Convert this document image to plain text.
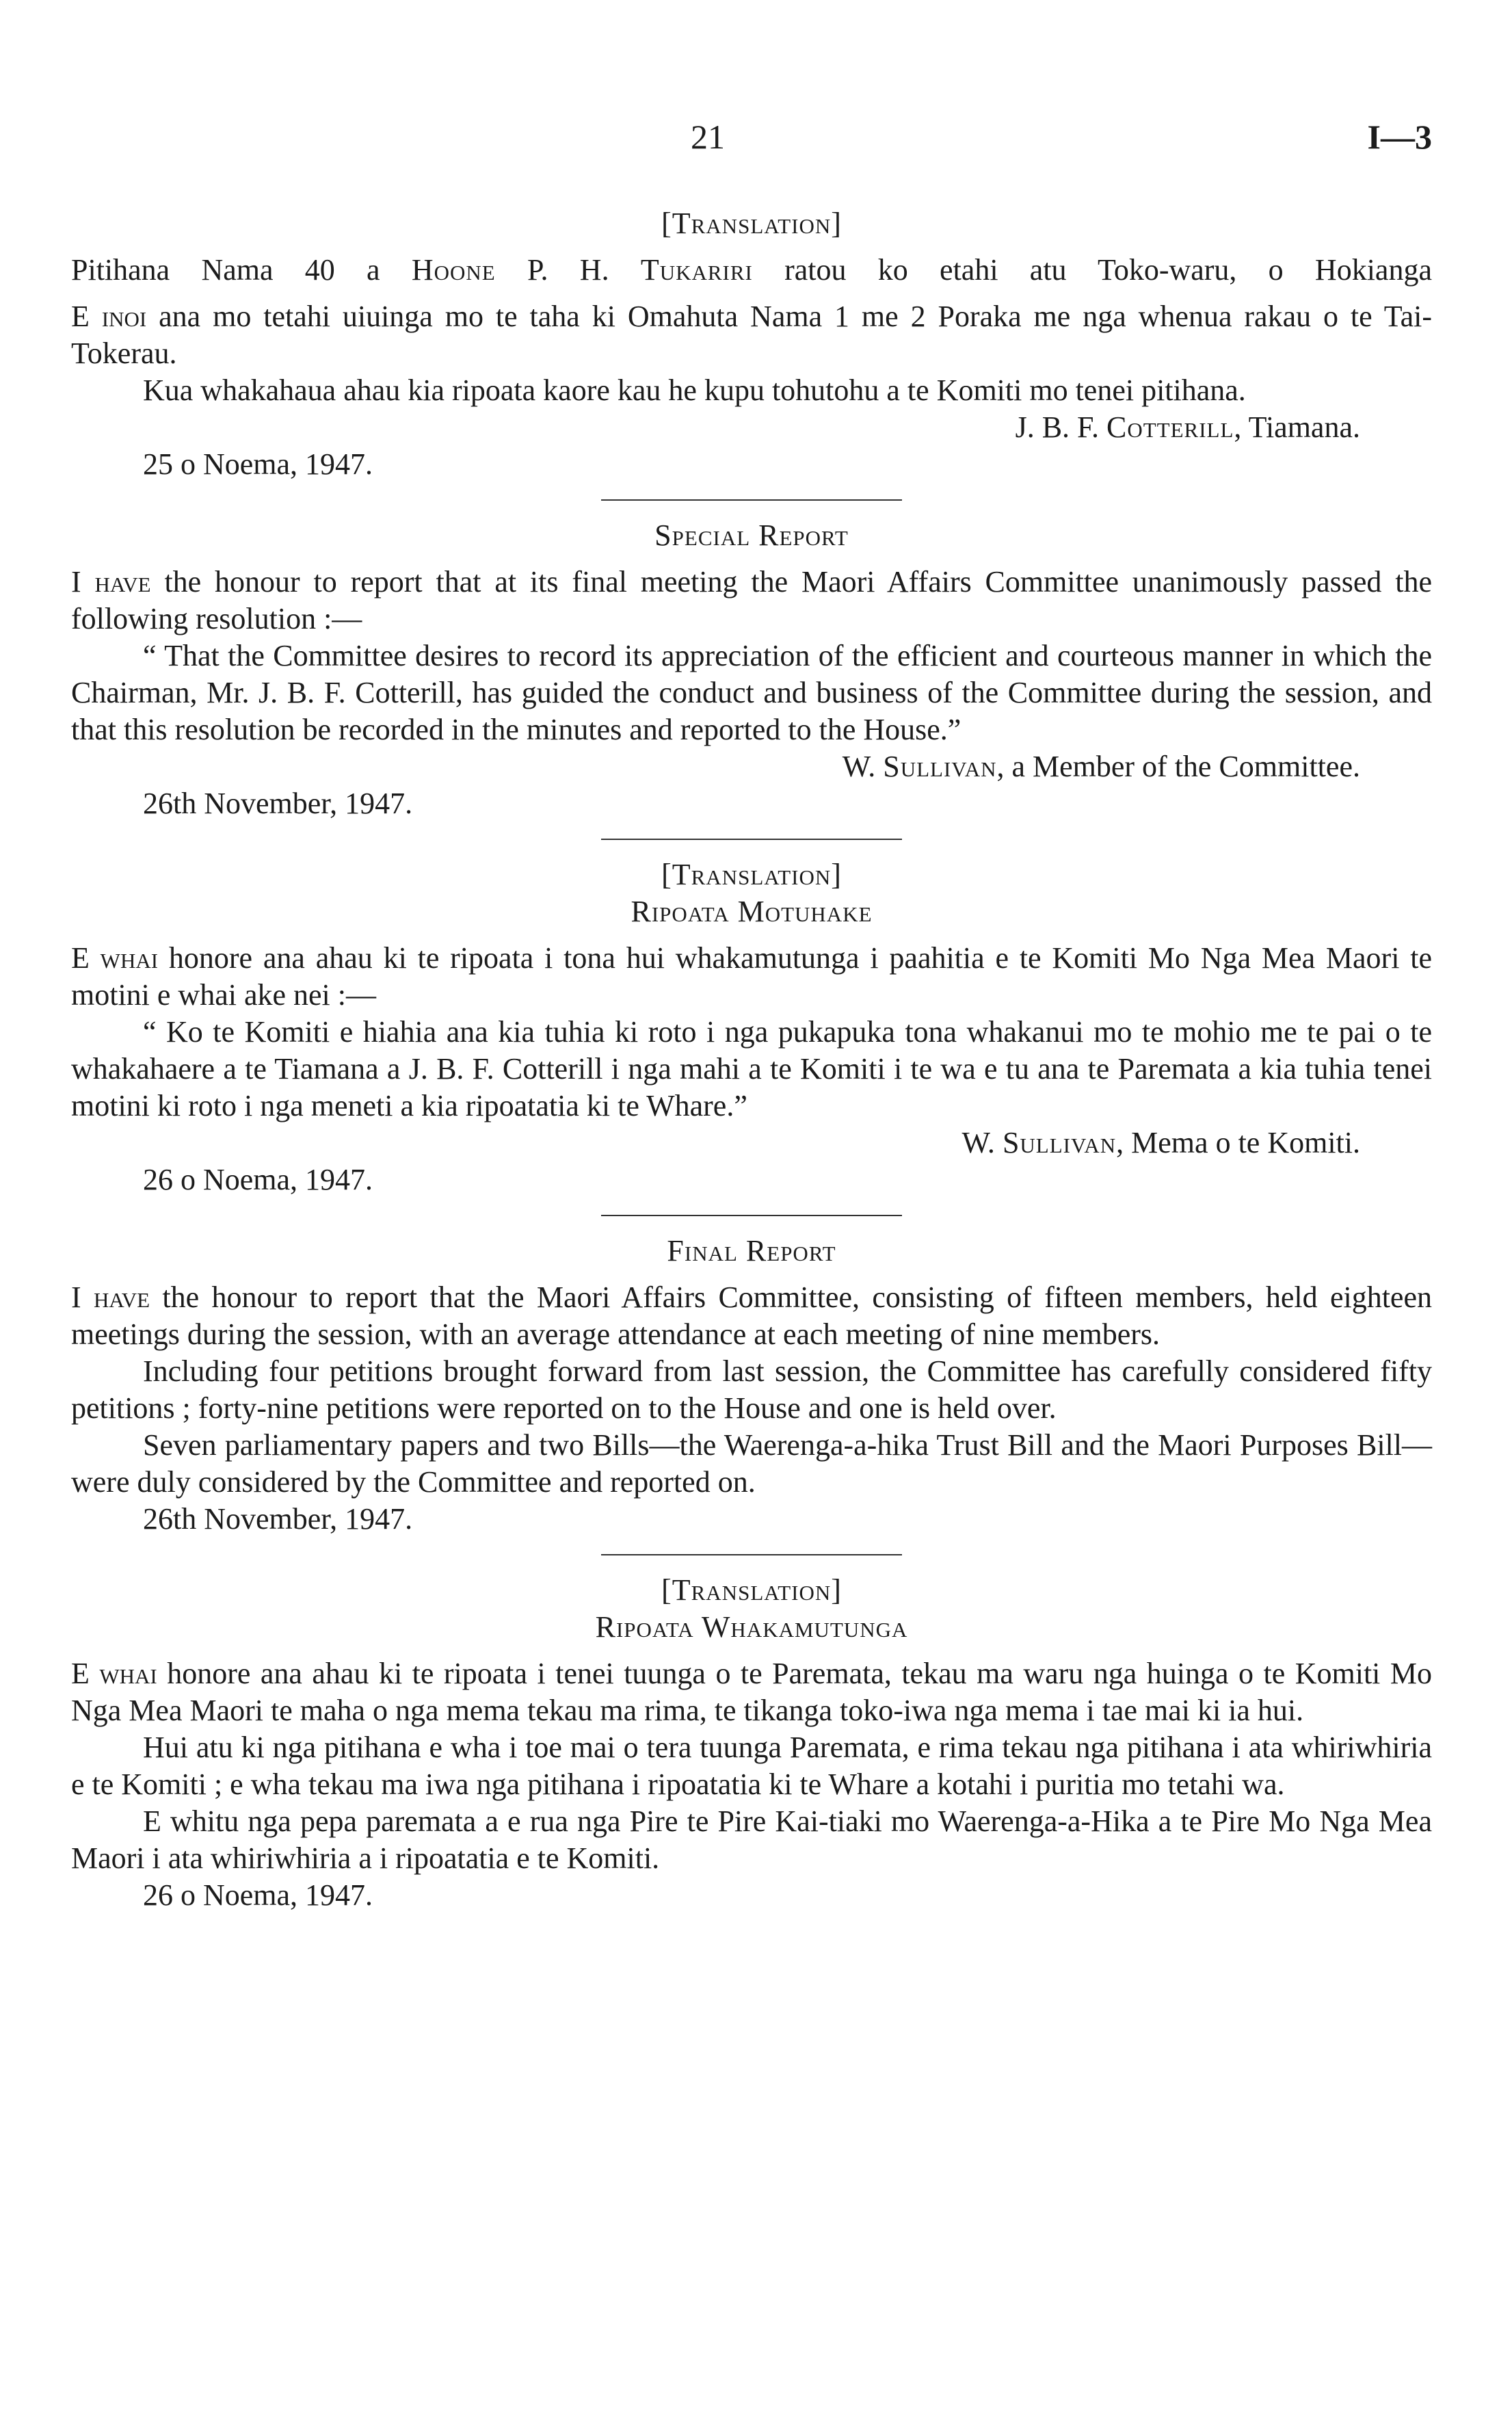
21	I—3
[Translation]

Pitihana Nama 40 a Hoone P. H. Tukariri ratou ko etahi atu Toko-waru, o Hokianga

E inoi ana mo tetahi uiuinga mo te taha ki Omahuta Nama 1 me 2 Poraka me nga whenua rakau o te Tai-Tokerau.

Kua whakahaua ahau kia ripoata kaore kau he kupu tohutohu a te Komiti mo tenei pitihana.

J. B. F. Cotterill, Tiamana.

25 o Noema, 1947.

Special Report

I have the honour to report that at its final meeting the Maori Affairs Committee unanimously passed the following resolution :—

“ That the Committee desires to record its appreciation of the efficient and courteous manner in which the Chairman, Mr. J. B. F. Cotterill, has guided the conduct and business of the Committee during the session, and that this resolution be recorded in the minutes and reported to the House.”

W. Sullivan, a Member of the Committee.

26th November, 1947.

[Translation]
Ripoata Motuhake

E whai honore ana ahau ki te ripoata i tona hui whakamutunga i paahitia e te Komiti Mo Nga Mea Maori te motini e whai ake nei :—

“ Ko te Komiti e hiahia ana kia tuhia ki roto i nga pukapuka tona whakanui mo te mohio me te pai o te whakahaere a te Tiamana a J. B. F. Cotterill i nga mahi a te Komiti i te wa e tu ana te Paremata a kia tuhia tenei motini ki roto i nga meneti a kia ripoatatia ki te Whare.”

W. Sullivan, Mema o te Komiti.

26 o Noema, 1947.

Final Report

I have the honour to report that the Maori Affairs Committee, consisting of fifteen members, held eighteen meetings during the session, with an average attendance at each meeting of nine members.

Including four petitions brought forward from last session, the Committee has carefully considered fifty petitions ; forty-nine petitions were reported on to the House and one is held over.

Seven parliamentary papers and two Bills—the Waerenga-a-hika Trust Bill and the Maori Purposes Bill—were duly considered by the Committee and reported on.

26th November, 1947.

[Translation]
Ripoata Whakamutunga

E whai honore ana ahau ki te ripoata i tenei tuunga o te Paremata, tekau ma waru nga huinga o te Komiti Mo Nga Mea Maori te maha o nga mema tekau ma rima, te tikanga toko-iwa nga mema i tae mai ki ia hui.

Hui atu ki nga pitihana e wha i toe mai o tera tuunga Paremata, e rima tekau nga pitihana i ata whiriwhiria e te Komiti ; e wha tekau ma iwa nga pitihana i ripoatatia ki te Whare a kotahi i puritia mo tetahi wa.

E whitu nga pepa paremata a e rua nga Pire te Pire Kai-tiaki mo Waerenga-a-Hika a te Pire Mo Nga Mea Maori i ata whiriwhiria a i ripoatatia e te Komiti.

26 o Noema, 1947.
